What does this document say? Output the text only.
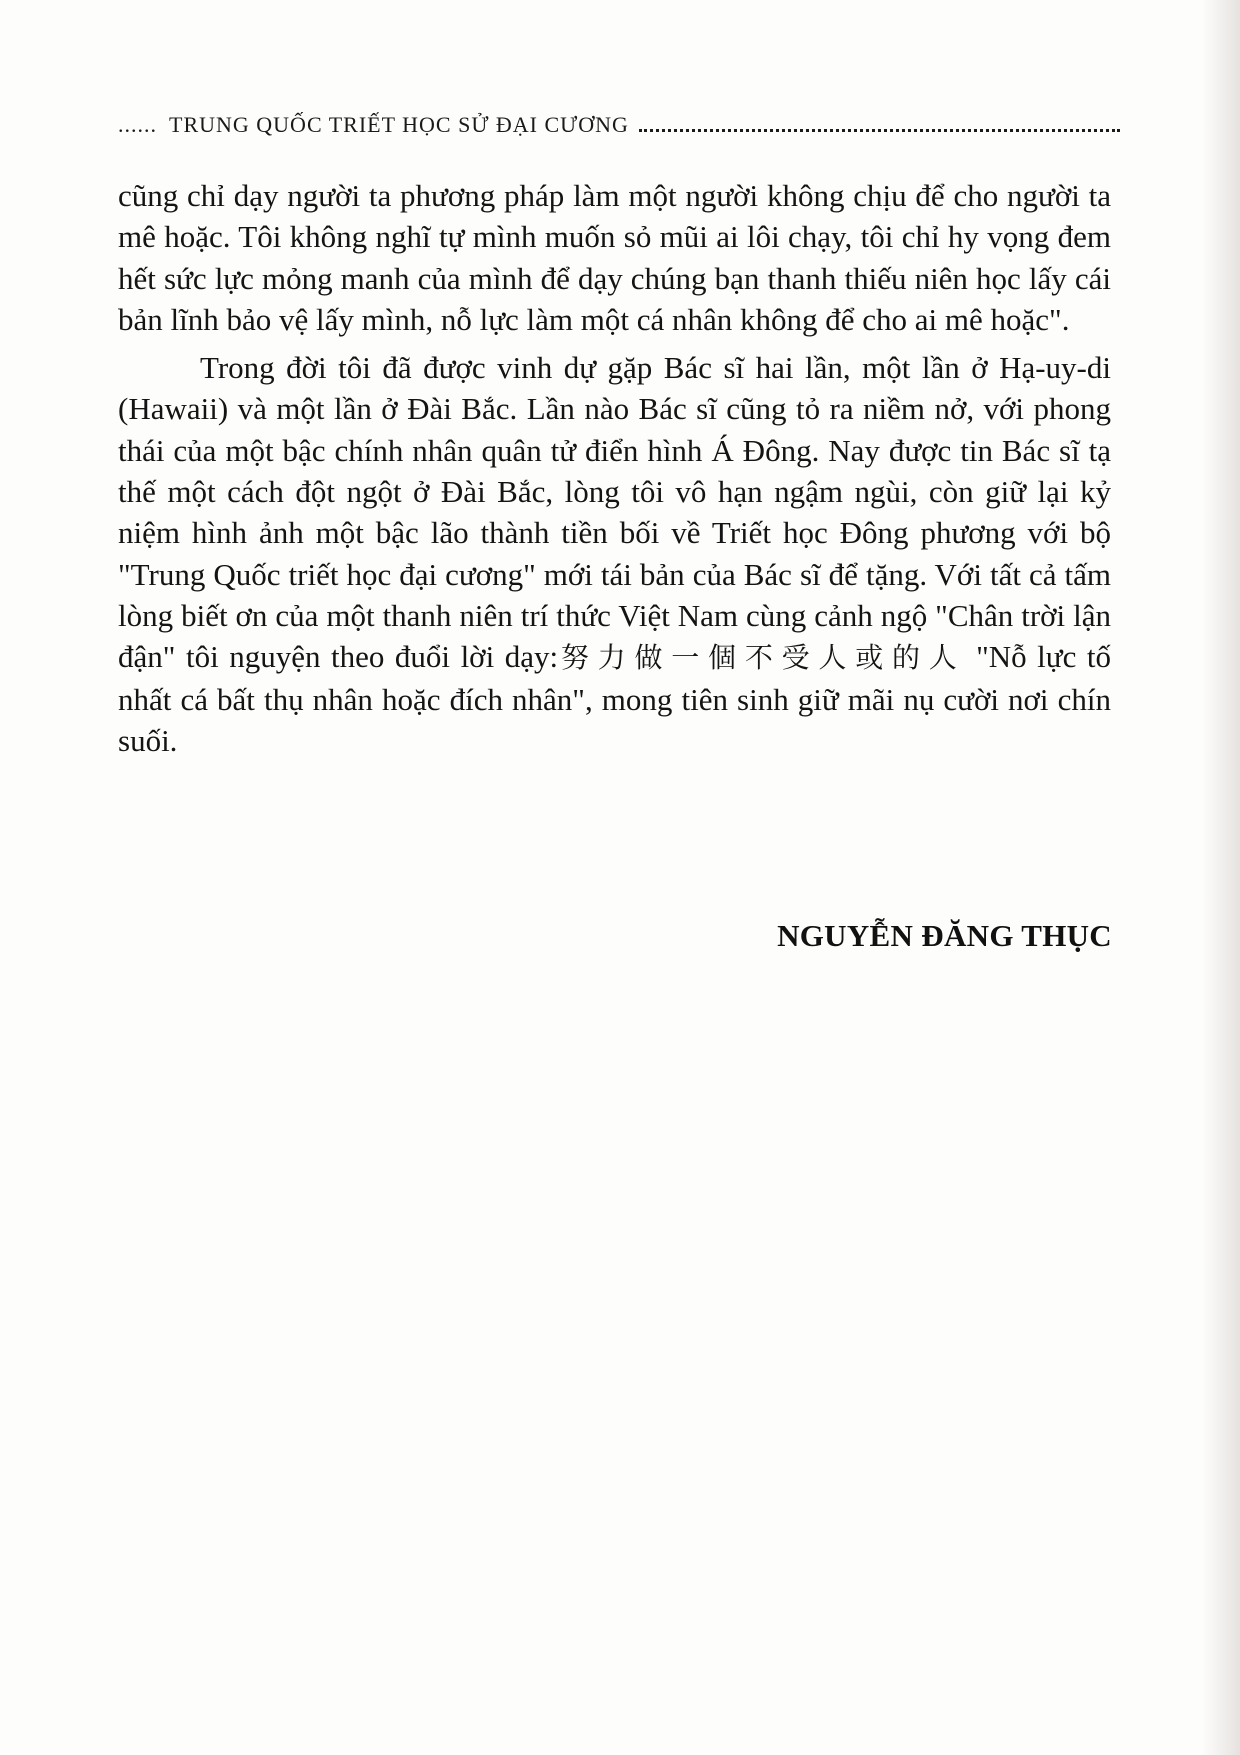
...... TRUNG QUỐC TRIẾT HỌC SỬ ĐẠI CƯƠNG

cũng chỉ dạy người ta phương pháp làm một người không chịu để cho người ta mê hoặc. Tôi không nghĩ tự mình muốn sỏ mũi ai lôi chạy, tôi chỉ hy vọng đem hết sức lực mỏng manh của mình để dạy chúng bạn thanh thiếu niên học lấy cái bản lĩnh bảo vệ lấy mình, nỗ lực làm một cá nhân không để cho ai mê hoặc".

Trong đời tôi đã được vinh dự gặp Bác sĩ hai lần, một lần ở Hạ-uy-di (Hawaii) và một lần ở Đài Bắc. Lần nào Bác sĩ cũng tỏ ra niềm nở, với phong thái của một bậc chính nhân quân tử điển hình Á Đông. Nay được tin Bác sĩ tạ thế một cách đột ngột ở Đài Bắc, lòng tôi vô hạn ngậm ngùi, còn giữ lại kỷ niệm hình ảnh một bậc lão thành tiền bối về Triết học Đông phương với bộ "Trung Quốc triết học đại cương" mới tái bản của Bác sĩ để tặng. Với tất cả tấm lòng biết ơn của một thanh niên trí thức Việt Nam cùng cảnh ngộ "Chân trời lận đận" tôi nguyện theo đuổi lời dạy:努力做一個不受人或的人 "Nỗ lực tố nhất cá bất thụ nhân hoặc đích nhân", mong tiên sinh giữ mãi nụ cười nơi chín suối.

NGUYỄN ĐĂNG THỤC
